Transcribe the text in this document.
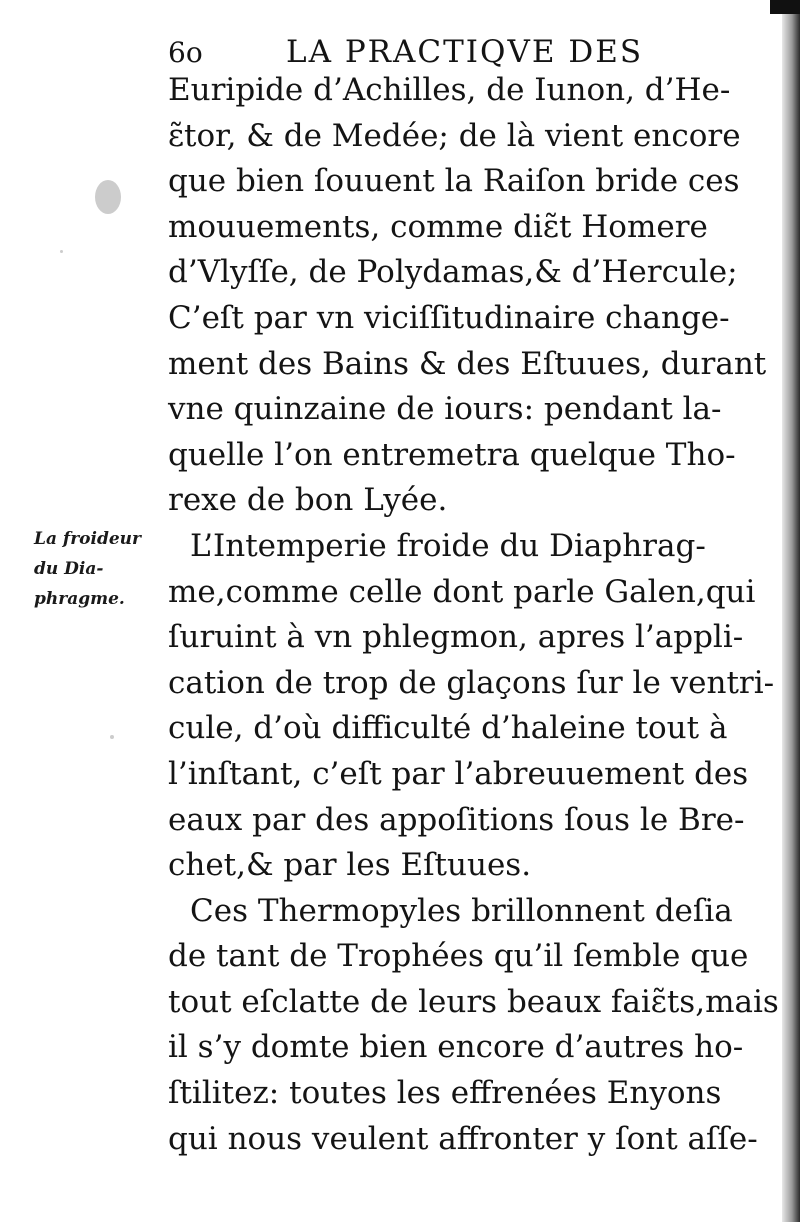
6o	LA PRACTIQVE DES
La froideur
du Dia-
phragme.
Euripide d’Achilles, de Iunon, d’He-
ɛ̃tor, & de Medée; de là vient encore
que bien ſouuent la Raiſon bride ces
mouuements, comme diɛ̃t Homere
d’Vlyſſe, de Polydamas,& d’Hercule;
C’eſt par vn viciſſitudinaire change-
ment des Bains & des Eſtuues, durant
vne quinzaine de iours: pendant la-
quelle l’on entremetra quelque Tho-
rexe de bon Lyée.
L’Intemperie froide du Diaphrag-
me,comme celle dont parle Galen,qui
ſuruint à vn phlegmon, apres l’appli-
cation de trop de glaçons ſur le ventri-
cule, d’où difficulté d’haleine tout à
l’inſtant, c’eſt par l’abreuuement des
eaux par des appoſitions ſous le Bre-
chet,& par les Eſtuues.
Ces Thermopyles brillonnent deſia
de tant de Trophées qu’il ſemble que
tout eſclatte de leurs beaux faiɛ̃ts,mais
il s’y domte bien encore d’autres ho-
ſtilitez: toutes les effrenées Enyons
qui nous veulent affronter y ſont aſſe-
